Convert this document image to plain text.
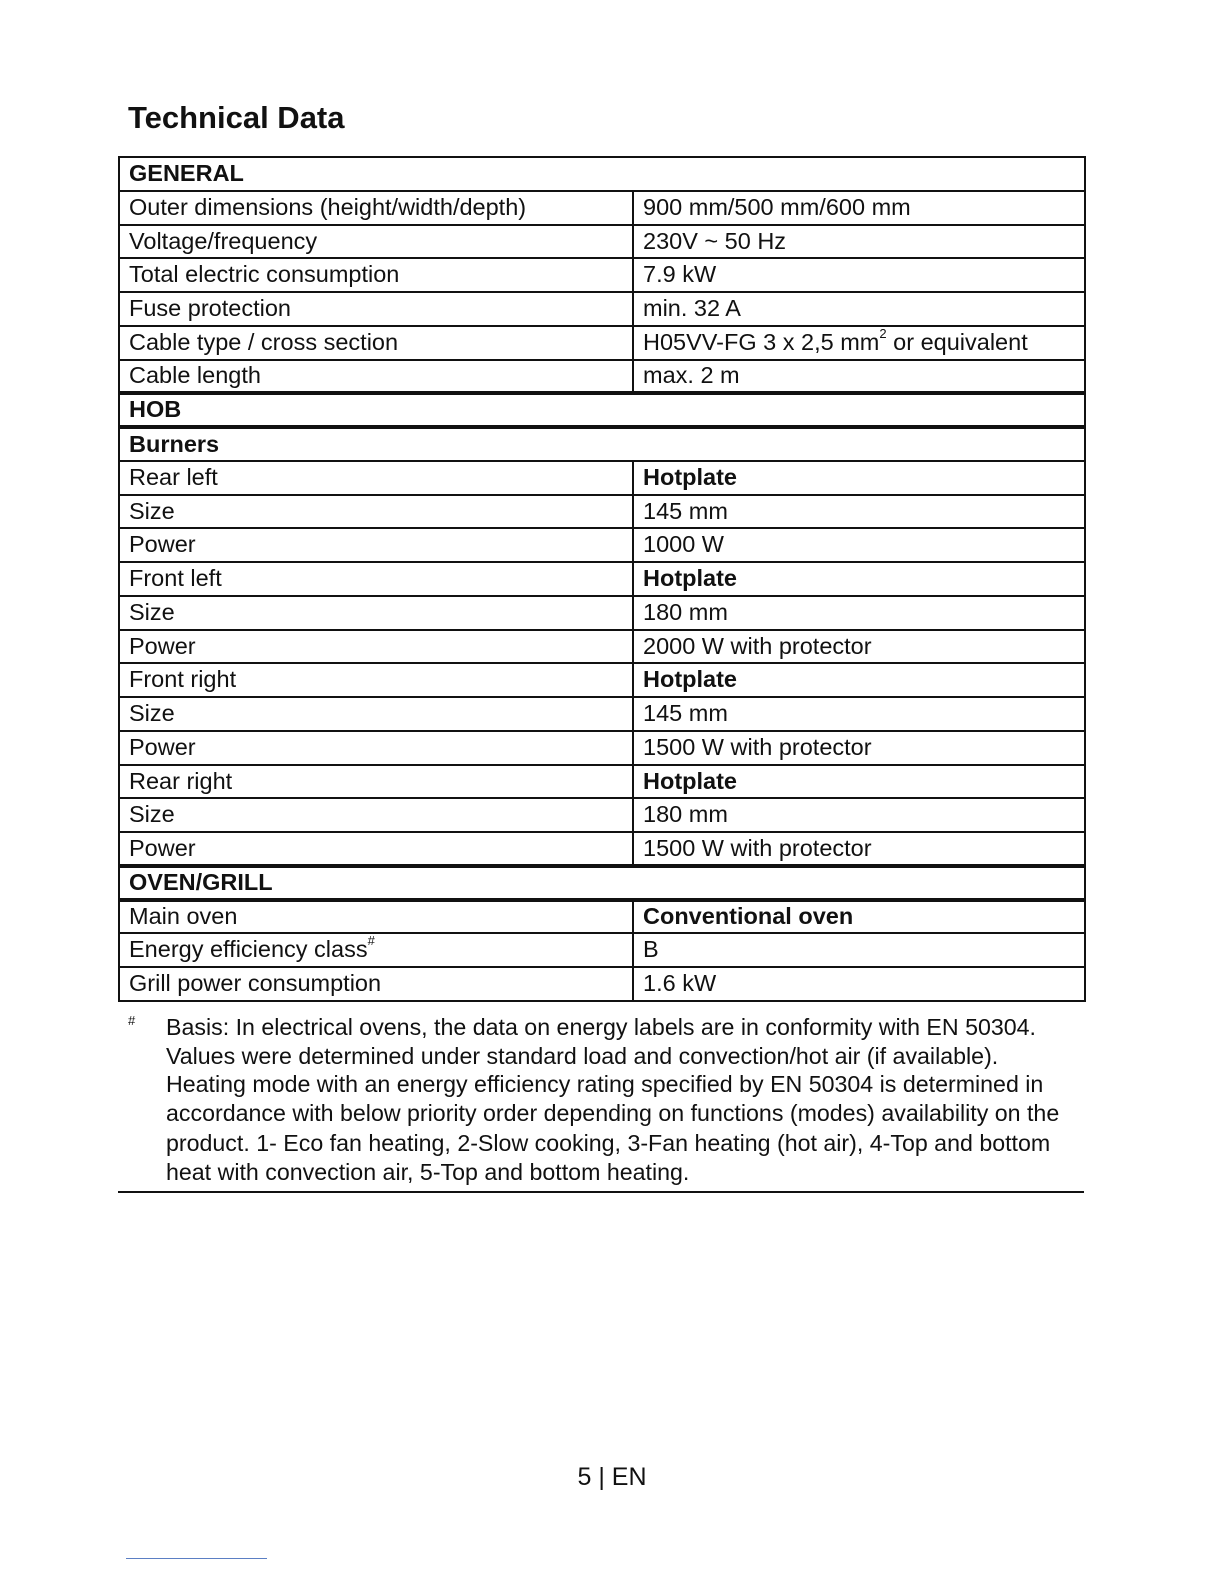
Technical Data
GENERAL	
Outer dimensions (height/width/depth)	900 mm/500 mm/600 mm
Voltage/frequency	230V ~ 50 Hz
Total electric consumption	7.9 kW
Fuse protection	min. 32 A
Cable type / cross section	H05VV-FG 3 x 2,5 $mm^2$ or equivalent
Cable length	max. 2 m
HOB	
Burners	
Rear left	Hotplate
Size	145 mm
Power	1000 W
Front left	Hotplate
Size	180 mm
Power	2000 W with protector
Front right	Hotplate
Size	145 mm
Power	1500 W with protector
Rear right	Hotplate
Size	180 mm
Power	1500 W with protector
OVEN/GRILL	
Main oven	Conventional oven
Energy efficiency class#	B
Grill power consumption	1.6 kW
# Basis: In electrical ovens, the data on energy labels are in conformity with EN 50304. Values were determined under standard load and convection/hot air (if available).

Heating mode with an energy efficiency rating specified by EN 50304 is determined in accordance with below priority order depending on functions (modes) availability on the product. 1- Eco fan heating, 2-Slow cooking, 3-Fan heating (hot air), 4-Top and bottom heat with convection air, 5-Top and bottom heating.

5 | EN
